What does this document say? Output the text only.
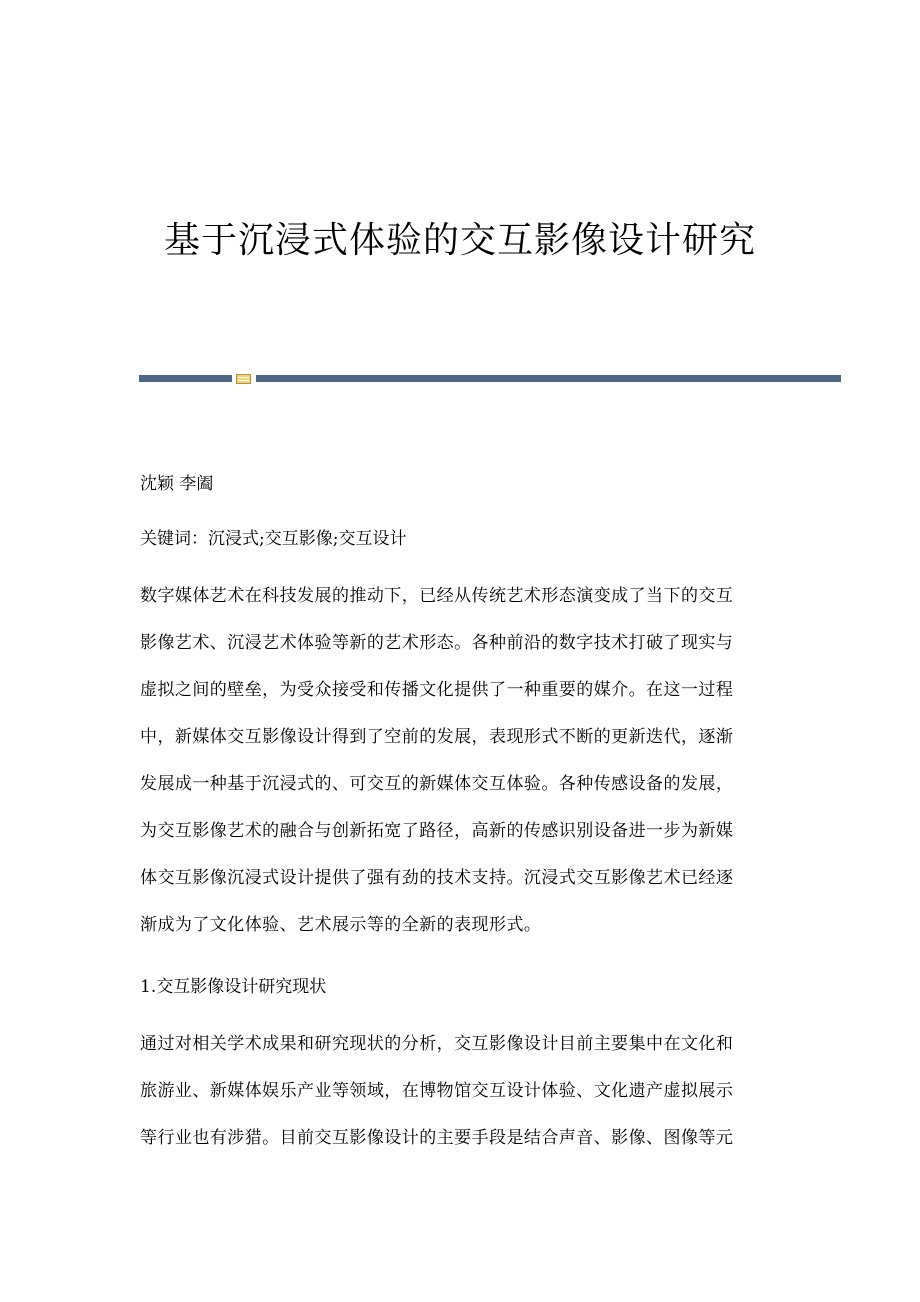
基于沉浸式体验的交互影像设计研究

沈颖 李阖

关键词：沉浸式;交互影像;交互设计

数字媒体艺术在科技发展的推动下，已经从传统艺术形态演变成了当下的交互

影像艺术、沉浸艺术体验等新的艺术形态。各种前沿的数字技术打破了现实与

虚拟之间的壁垒，为受众接受和传播文化提供了一种重要的媒介。在这一过程

中，新媒体交互影像设计得到了空前的发展，表现形式不断的更新迭代，逐渐

发展成一种基于沉浸式的、可交互的新媒体交互体验。各种传感设备的发展，

为交互影像艺术的融合与创新拓宽了路径，高新的传感识别设备进一步为新媒

体交互影像沉浸式设计提供了强有劲的技术支持。沉浸式交互影像艺术已经逐

渐成为了文化体验、艺术展示等的全新的表现形式。

1.交互影像设计研究现状

通过对相关学术成果和研究现状的分析，交互影像设计目前主要集中在文化和

旅游业、新媒体娱乐产业等领域，在博物馆交互设计体验、文化遗产虚拟展示

等行业也有涉猎。目前交互影像设计的主要手段是结合声音、影像、图像等元
